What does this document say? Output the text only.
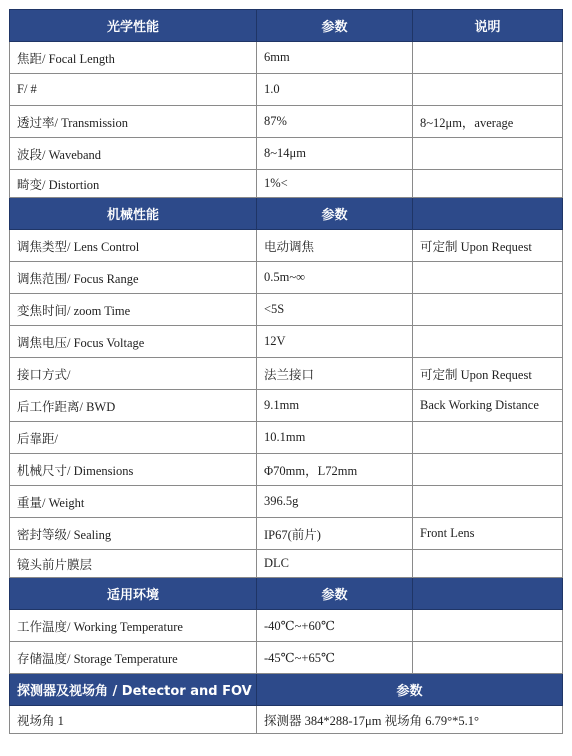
光学性能	参数	说明
焦距/ Focal Length	6mm	
F/ #	1.0	
透过率/ Transmission	87%	8~12μm，average
波段/ Waveband	8~14μm	
畸变/ Distortion	1%<	
机械性能	参数	
调焦类型/ Lens Control	电动调焦	可定制 Upon Request
调焦范围/ Focus Range	0.5m~∞	
变焦时间/ zoom Time	<5S	
调焦电压/ Focus Voltage	12V	
接口方式/	法兰接口	可定制 Upon Request
后工作距离/ BWD	9.1mm	Back Working Distance
后靠距/	10.1mm	
机械尺寸/ Dimensions	Φ70mm，L72mm	
重量/ Weight	396.5g	
密封等级/ Sealing	IP67(前片)	Front Lens
镜头前片膜层	DLC	
适用环境	参数	
工作温度/ Working Temperature	-40℃~+60℃	
存储温度/ Storage Temperature	-45℃~+65℃	
探测器及视场角 / Detector and FOV	参数	
视场角 1	探测器 384*288-17μm 视场角 6.79°*5.1°	
